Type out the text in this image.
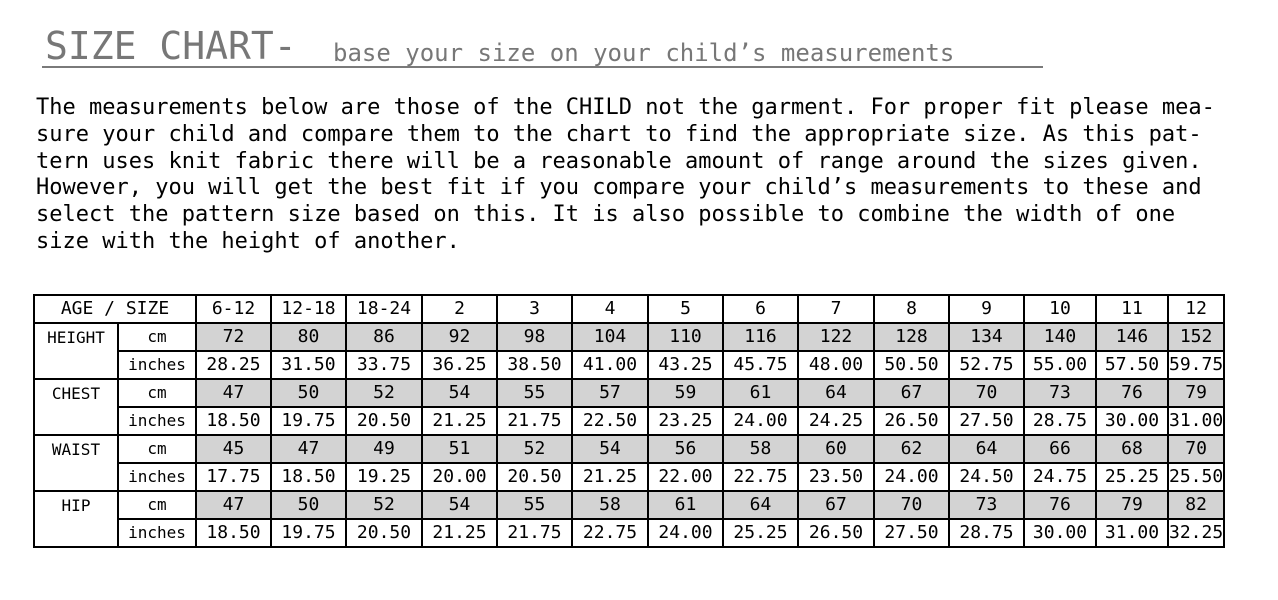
SIZE CHART- base your size on your child’s measurements
The measurements below are those of the CHILD not the garment. For proper fit please mea-
sure your child and compare them to the chart to find the appropriate size. As this pat-
tern uses knit fabric there will be a reasonable amount of range around the sizes given.
However, you will get the best fit if you compare your child’s measurements to these and
select the pattern size based on this. It is also possible to combine the width of one
size with the height of another.
AGE / SIZE		6-12	12-18	18-24	2	3	4	5	6	7	8	9	10	11	12
HEIGHT	cm	72	80	86	92	98	104	110	116	122	128	134	140	146	152
	inches	28.25	31.50	33.75	36.25	38.50	41.00	43.25	45.75	48.00	50.50	52.75	55.00	57.50	59.75
CHEST	cm	47	50	52	54	55	57	59	61	64	67	70	73	76	79
	inches	18.50	19.75	20.50	21.25	21.75	22.50	23.25	24.00	24.25	26.50	27.50	28.75	30.00	31.00
WAIST	cm	45	47	49	51	52	54	56	58	60	62	64	66	68	70
	inches	17.75	18.50	19.25	20.00	20.50	21.25	22.00	22.75	23.50	24.00	24.50	24.75	25.25	25.50
HIP	cm	47	50	52	54	55	58	61	64	67	70	73	76	79	82
	inches	18.50	19.75	20.50	21.25	21.75	22.75	24.00	25.25	26.50	27.50	28.75	30.00	31.00	32.25
